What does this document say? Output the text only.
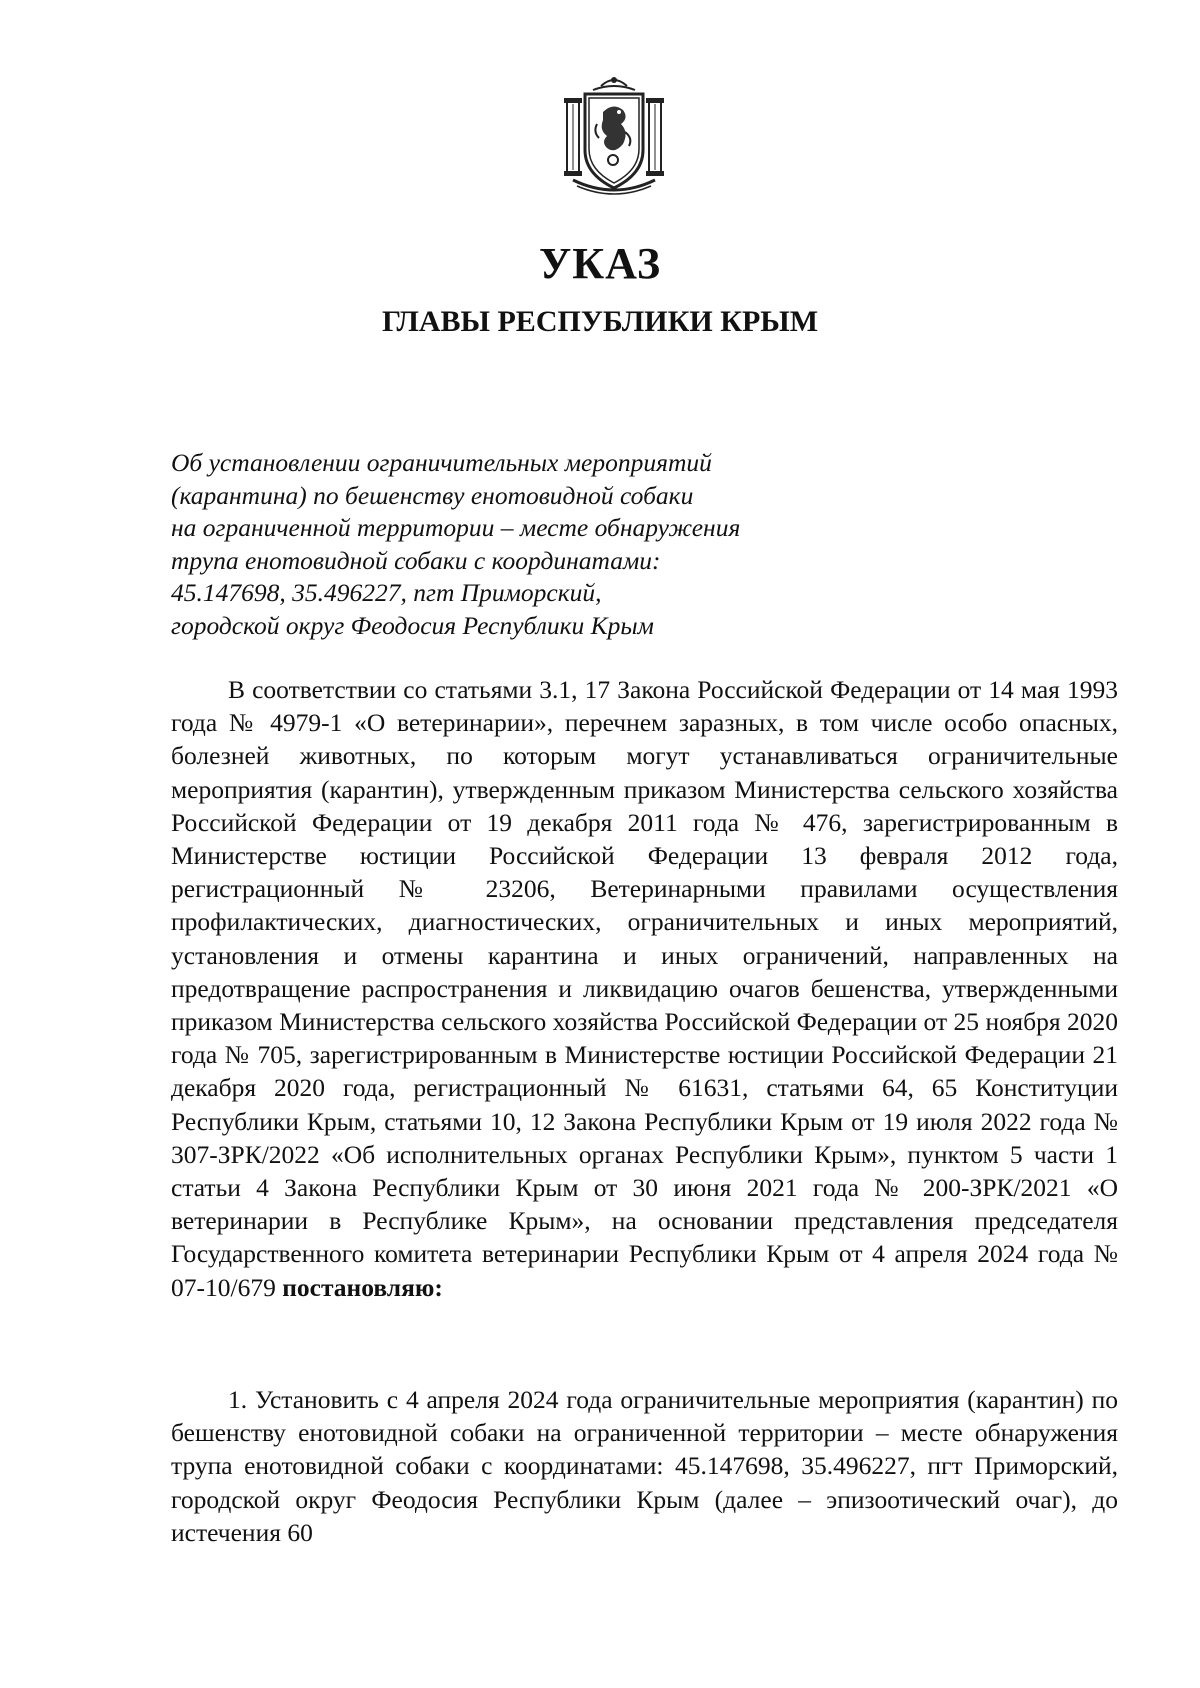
УКАЗ
ГЛАВЫ РЕСПУБЛИКИ КРЫМ
Об установлении ограничительных мероприятий
(карантина) по бешенству енотовидной собаки
на ограниченной территории – месте обнаружения
трупа енотовидной собаки с координатами:
45.147698, 35.496227, пгт Приморский,
городской округ Феодосия Республики Крым

В соответствии со статьями 3.1, 17 Закона Российской Федерации от 14 мая 1993 года № 4979-1 «О ветеринарии», перечнем заразных, в том числе особо опасных, болезней животных, по которым могут устанавливаться ограничительные мероприятия (карантин), утвержденным приказом Министерства сельского хозяйства Российской Федерации от 19 декабря 2011 года № 476, зарегистрированным в Министерстве юстиции Российской Федерации 13 февраля 2012 года, регистрационный № 23206, Ветеринарными правилами осуществления профилактических, диагностических, ограничительных и иных мероприятий, установления и отмены карантина и иных ограничений, направленных на предотвращение распространения и ликвидацию очагов бешенства, утвержденными приказом Министерства сельского хозяйства Российской Федерации от 25 ноября 2020 года № 705, зарегистрированным в Министерстве юстиции Российской Федерации 21 декабря 2020 года, регистрационный № 61631, статьями 64, 65 Конституции Республики Крым, статьями 10, 12 Закона Республики Крым от 19 июля 2022 года № 307-ЗРК/2022 «Об исполнительных органах Республики Крым», пунктом 5 части 1 статьи 4 Закона Республики Крым от 30 июня 2021 года № 200-ЗРК/2021 «О ветеринарии в Республике Крым», на основании представления председателя Государственного комитета ветеринарии Республики Крым от 4 апреля 2024 года № 07-10/679 постановляю:

1. Установить с 4 апреля 2024 года ограничительные мероприятия (карантин) по бешенству енотовидной собаки на ограниченной территории – месте обнаружения трупа енотовидной собаки с координатами: 45.147698, 35.496227, пгт Приморский, городской округ Феодосия Республики Крым (далее – эпизоотический очаг), до истечения 60
